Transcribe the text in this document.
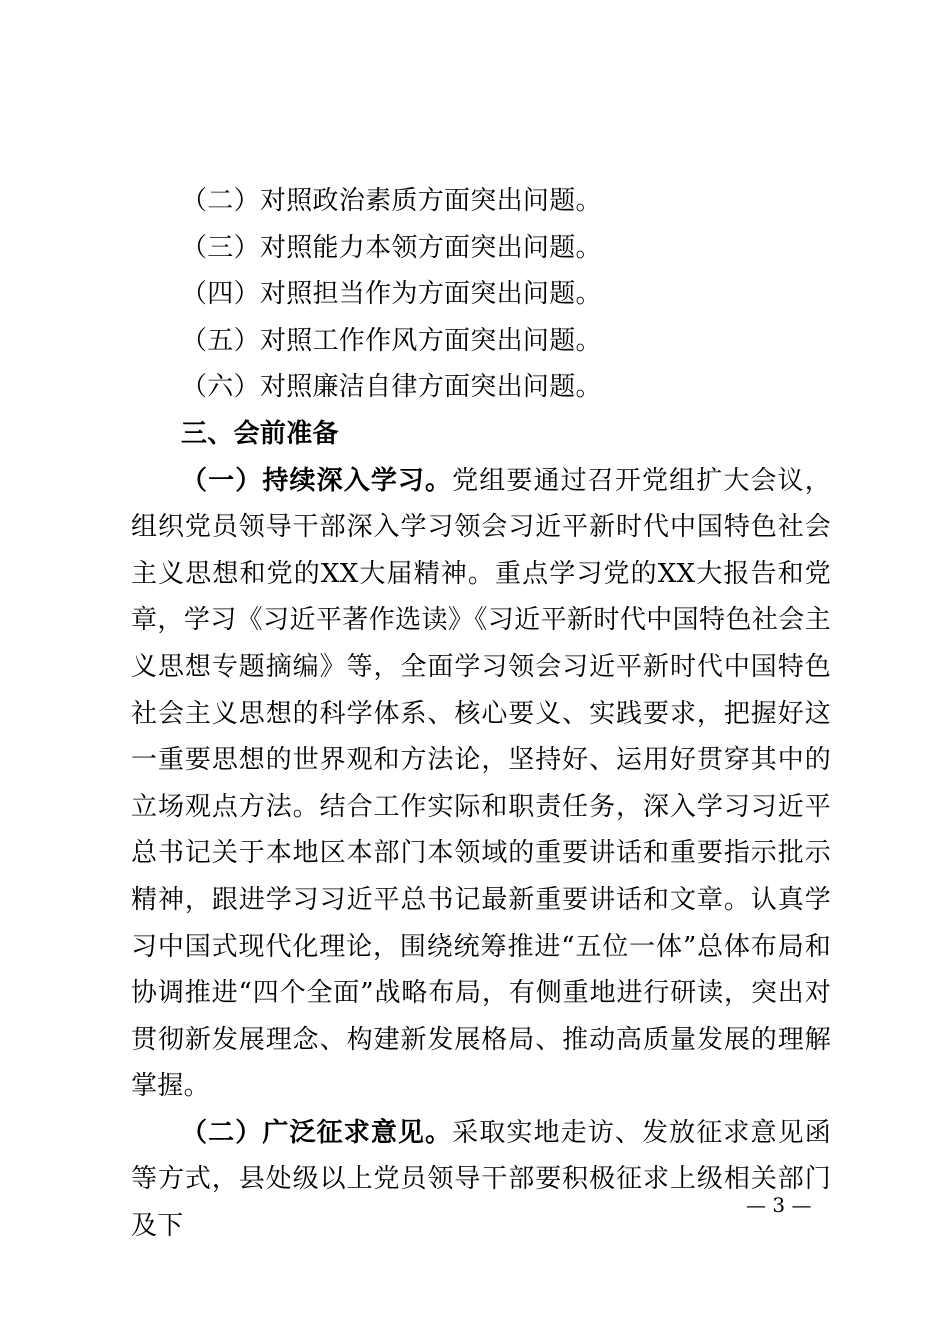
（二）对照政治素质方面突出问题。
（三）对照能力本领方面突出问题。
（四）对照担当作为方面突出问题。
（五）对照工作作风方面突出问题。
（六）对照廉洁自律方面突出问题。
三、会前准备

（一）持续深入学习。党组要通过召开党组扩大会议，组织党员领导干部深入学习领会习近平新时代中国特色社会主义思想和党的XX大届精神。重点学习党的XX大报告和党章，学习《习近平著作选读》《习近平新时代中国特色社会主义思想专题摘编》等，全面学习领会习近平新时代中国特色社会主义思想的科学体系、核心要义、实践要求，把握好这一重要思想的世界观和方法论，坚持好、运用好贯穿其中的立场观点方法。结合工作实际和职责任务，深入学习习近平总书记关于本地区本部门本领域的重要讲话和重要指示批示精神，跟进学习习近平总书记最新重要讲话和文章。认真学习中国式现代化理论，围绕统筹推进“五位一体”总体布局和协调推进“四个全面”战略布局，有侧重地进行研读，突出对贯彻新发展理念、构建新发展格局、推动高质量发展的理解掌握。

（二）广泛征求意见。采取实地走访、发放征求意见函等方式，县处级以上党员领导干部要积极征求上级相关部门及下

— 3 —
